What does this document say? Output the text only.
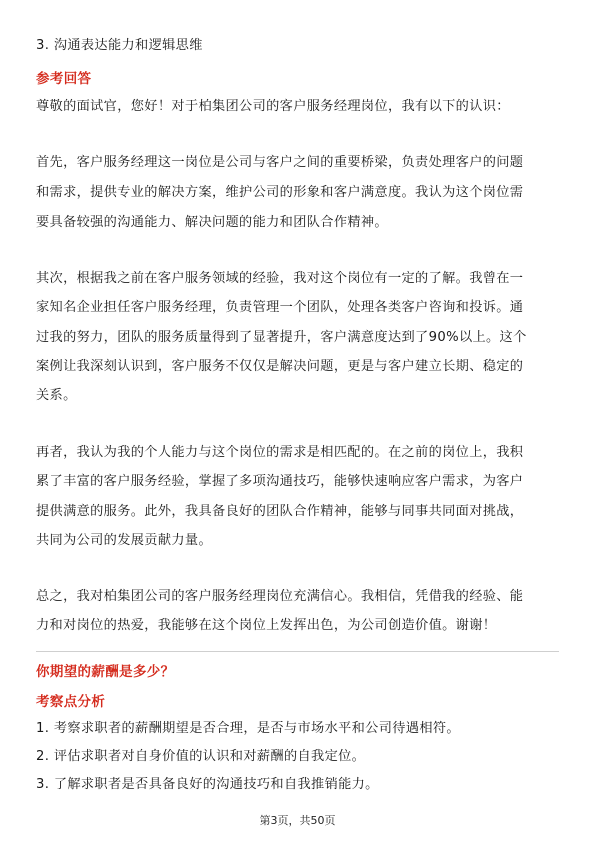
3. 沟通表达能力和逻辑思维
参考回答
尊敬的面试官，您好！对于柏集团公司的客户服务经理岗位，我有以下的认识：
首先，客户服务经理这一岗位是公司与客户之间的重要桥梁，负责处理客户的问题
和需求，提供专业的解决方案，维护公司的形象和客户满意度。我认为这个岗位需
要具备较强的沟通能力、解决问题的能力和团队合作精神。
其次，根据我之前在客户服务领域的经验，我对这个岗位有一定的了解。我曾在一
家知名企业担任客户服务经理，负责管理一个团队，处理各类客户咨询和投诉。通
过我的努力，团队的服务质量得到了显著提升，客户满意度达到了90%以上。这个
案例让我深刻认识到，客户服务不仅仅是解决问题，更是与客户建立长期、稳定的
关系。
再者，我认为我的个人能力与这个岗位的需求是相匹配的。在之前的岗位上，我积
累了丰富的客户服务经验，掌握了多项沟通技巧，能够快速响应客户需求，为客户
提供满意的服务。此外，我具备良好的团队合作精神，能够与同事共同面对挑战，
共同为公司的发展贡献力量。
总之，我对柏集团公司的客户服务经理岗位充满信心。我相信，凭借我的经验、能
力和对岗位的热爱，我能够在这个岗位上发挥出色，为公司创造价值。谢谢！
你期望的薪酬是多少？
考察点分析
1. 考察求职者的薪酬期望是否合理，是否与市场水平和公司待遇相符。
2. 评估求职者对自身价值的认识和对薪酬的自我定位。
3. 了解求职者是否具备良好的沟通技巧和自我推销能力。
第3页，共50页
